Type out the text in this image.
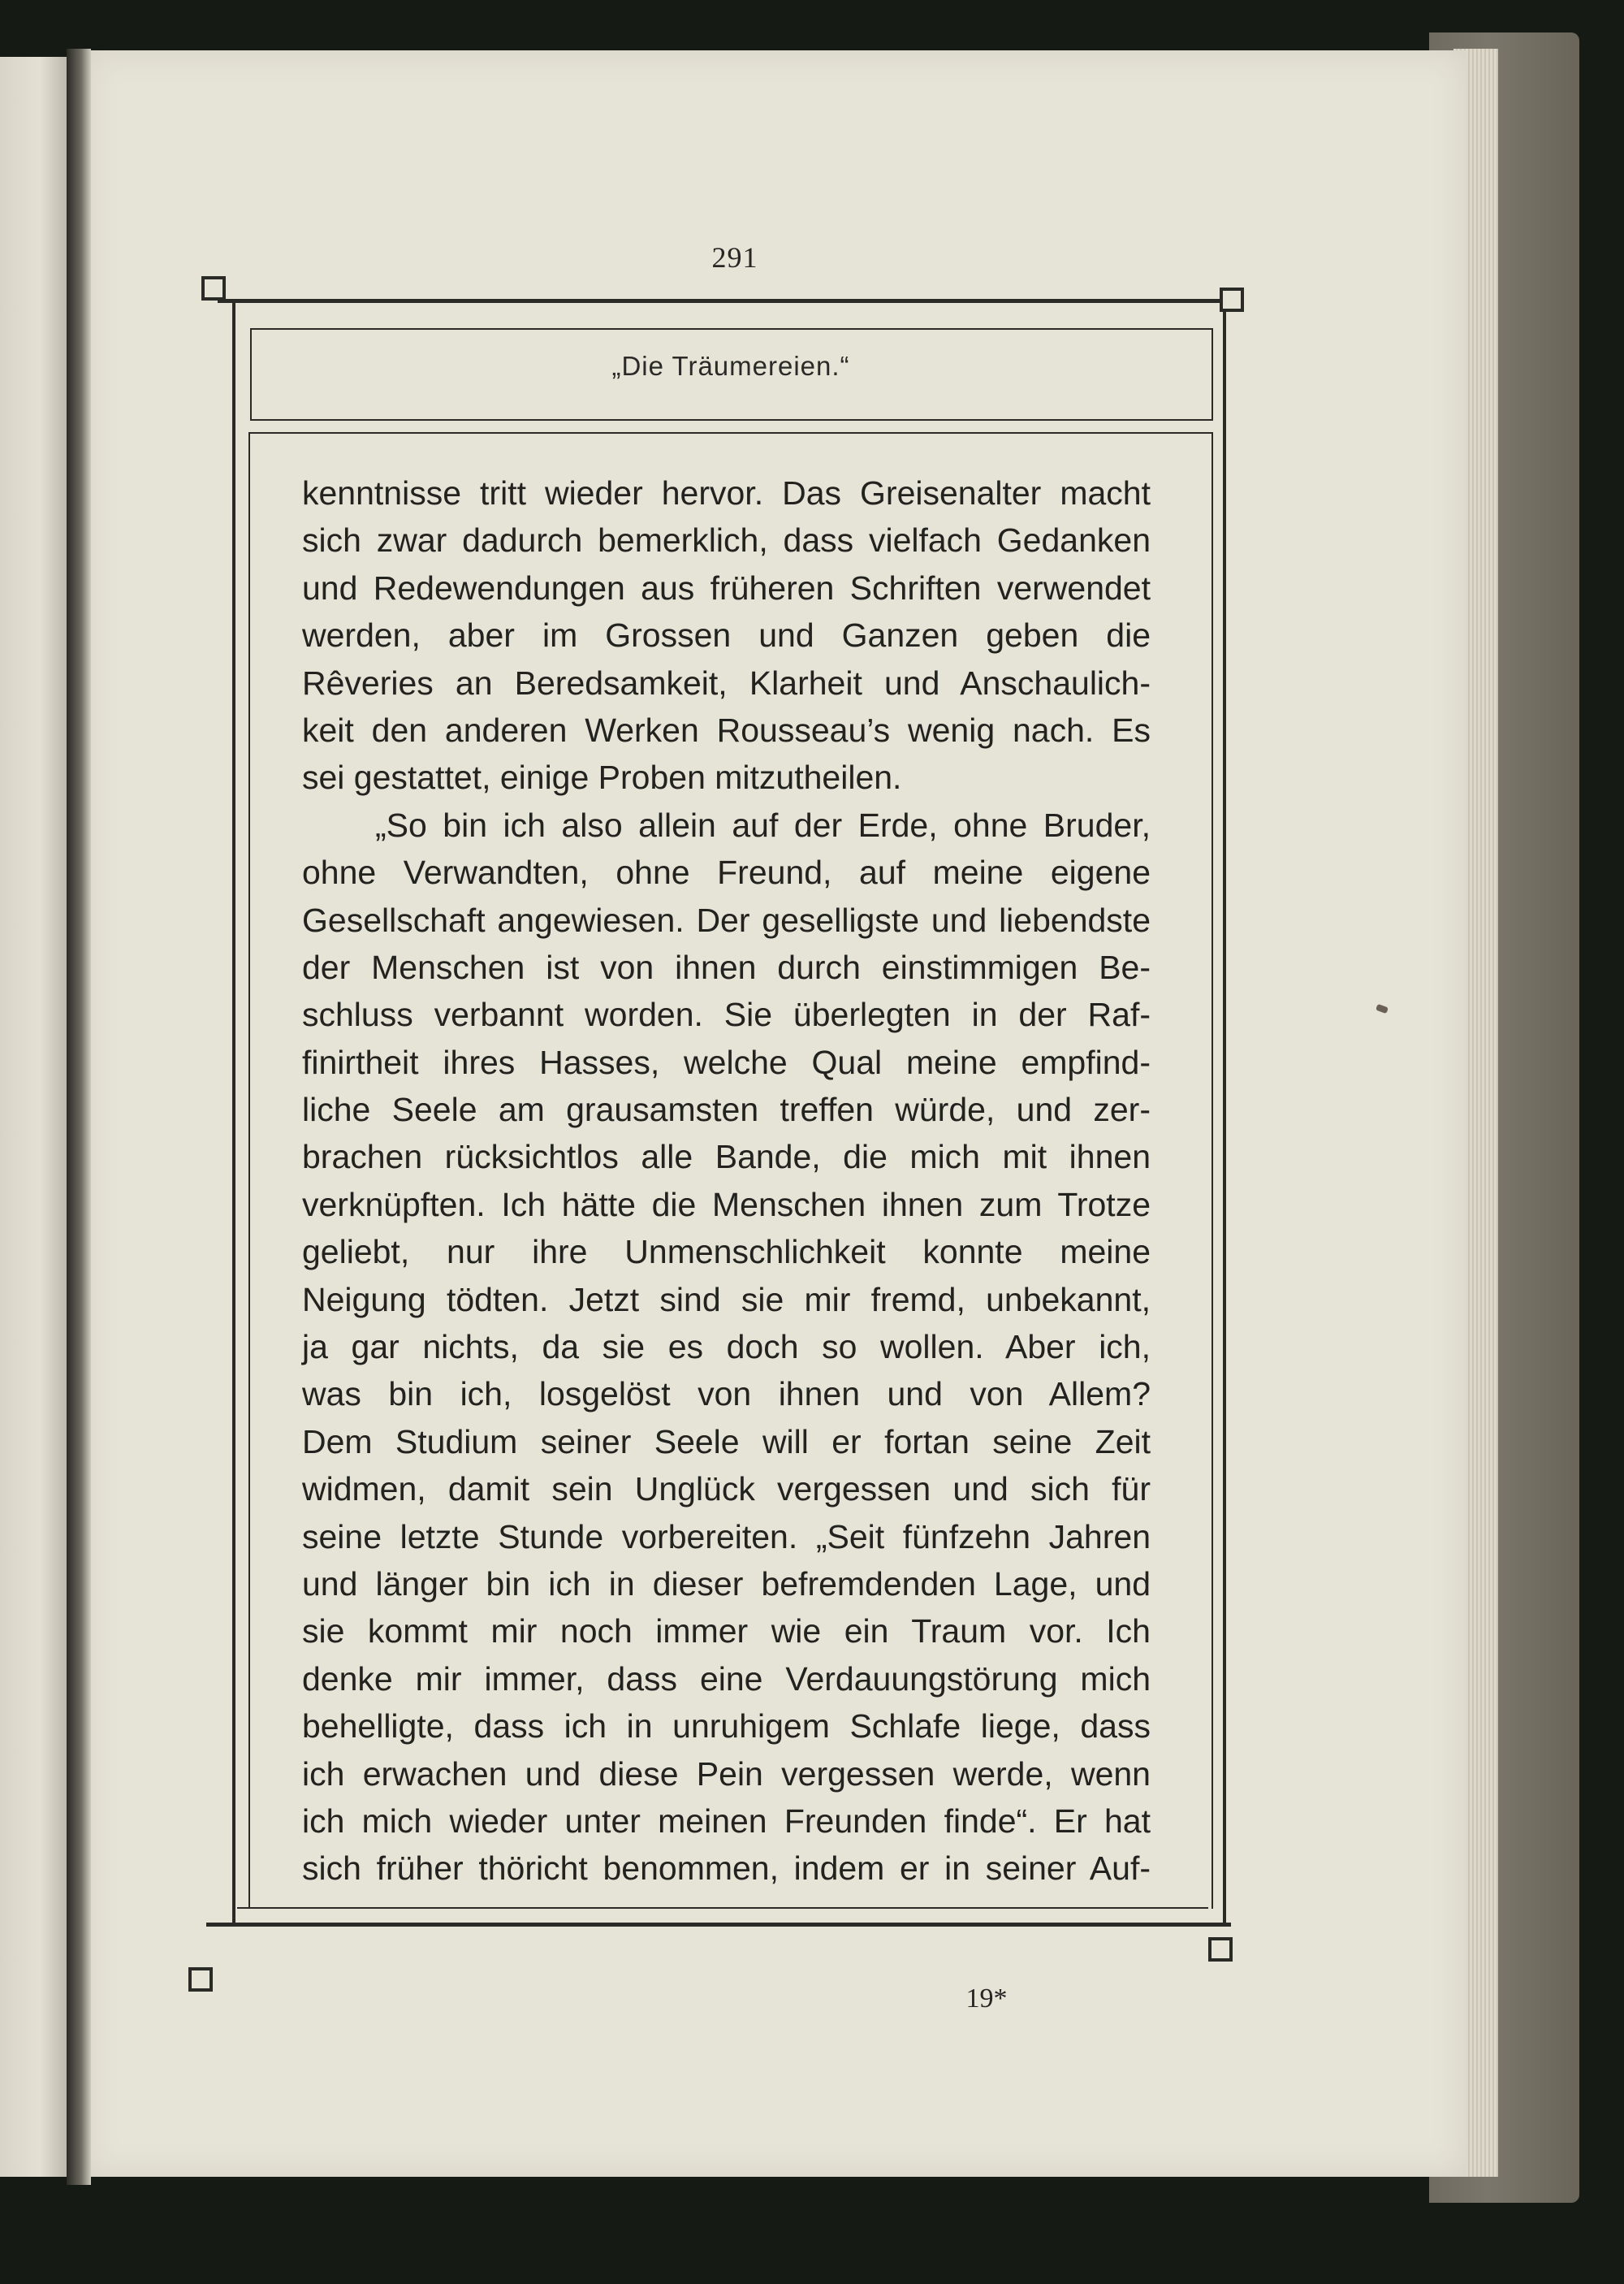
291
„Die Träumereien.“
kenntnisse tritt wieder hervor. Das Greisenalter macht
sich zwar dadurch bemerklich, dass vielfach Gedanken
und Redewendungen aus früheren Schriften verwendet
werden, aber im Grossen und Ganzen geben die
Rêveries an Beredsamkeit, Klarheit und Anschaulich-
keit den anderen Werken Rousseau’s wenig nach. Es
sei gestattet, einige Proben mitzutheilen.
„So bin ich also allein auf der Erde, ohne Bruder,
ohne Verwandten, ohne Freund, auf meine eigene
Gesellschaft angewiesen. Der geselligste und liebendste
der Menschen ist von ihnen durch einstimmigen Be-
schluss verbannt worden. Sie überlegten in der Raf-
finirtheit ihres Hasses, welche Qual meine empfind-
liche Seele am grausamsten treffen würde, und zer-
brachen rücksichtlos alle Bande, die mich mit ihnen
verknüpften. Ich hätte die Menschen ihnen zum Trotze
geliebt, nur ihre Unmenschlichkeit konnte meine
Neigung tödten. Jetzt sind sie mir fremd, unbekannt,
ja gar nichts, da sie es doch so wollen. Aber ich,
was bin ich, losgelöst von ihnen und von Allem?
Dem Studium seiner Seele will er fortan seine Zeit
widmen, damit sein Unglück vergessen und sich für
seine letzte Stunde vorbereiten. „Seit fünfzehn Jahren
und länger bin ich in dieser befremdenden Lage, und
sie kommt mir noch immer wie ein Traum vor. Ich
denke mir immer, dass eine Verdauungstörung mich
behelligte, dass ich in unruhigem Schlafe liege, dass
ich erwachen und diese Pein vergessen werde, wenn
ich mich wieder unter meinen Freunden finde“. Er hat
sich früher thöricht benommen, indem er in seiner Auf-
19*
